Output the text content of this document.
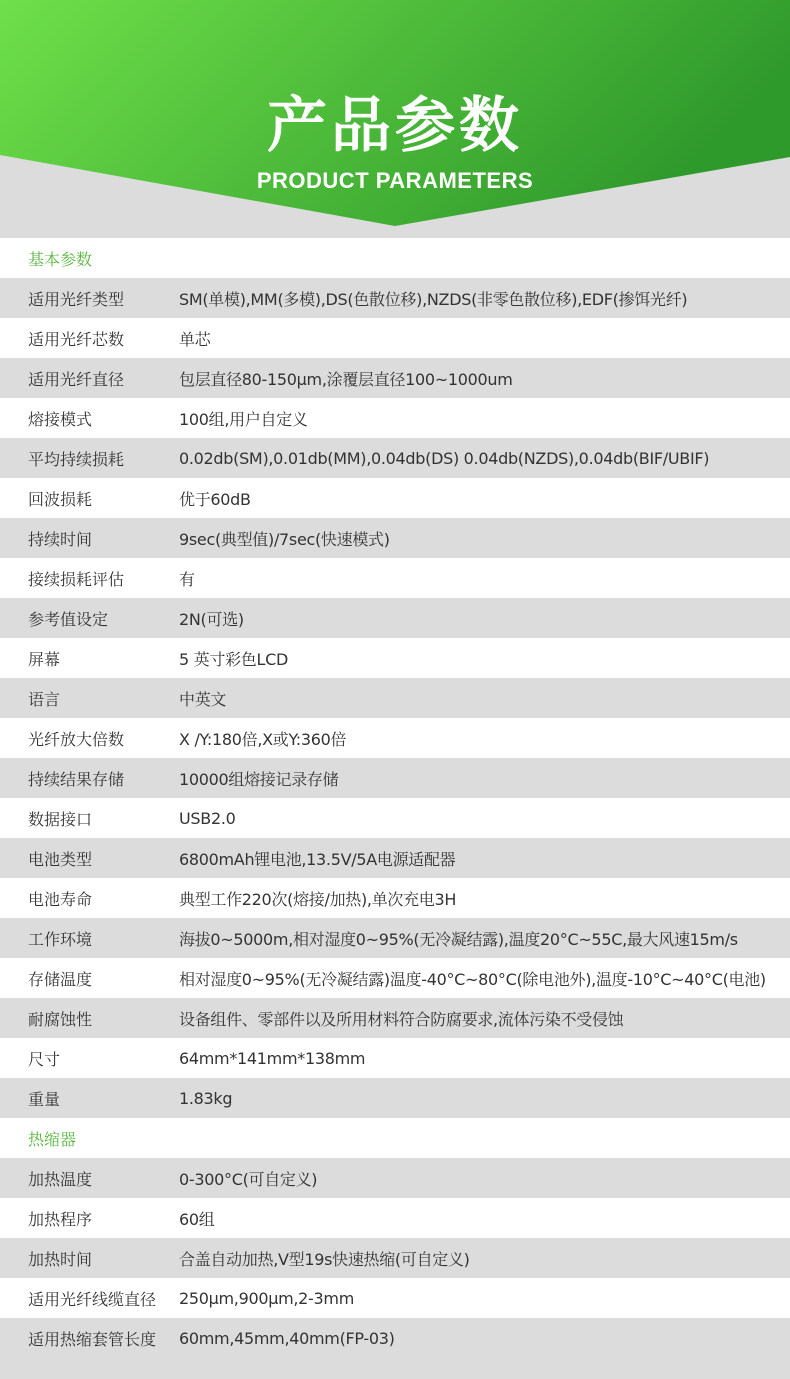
产品参数
PRODUCT PARAMETERS
基本参数
适用光纤类型	SM(单模),MM(多模),DS(色散位移),NZDS(非零色散位移),EDF(掺饵光纤)
适用光纤芯数	单芯
适用光纤直径	包层直径80-150μm,涂覆层直径100~1000um
熔接模式	100组,用户自定义
平均持续损耗	0.02db(SM),0.01db(MM),0.04db(DS) 0.04db(NZDS),0.04db(BIF/UBIF)
回波损耗	优于60dB
持续时间	9sec(典型值)/7sec(快速模式)
接续损耗评估	有
参考值设定	2N(可选)
屏幕	5 英寸彩色LCD
语言	中英文
光纤放大倍数	X /Y:180倍,X或Y:360倍
持续结果存储	10000组熔接记录存储
数据接口	USB2.0
电池类型	6800mAh锂电池,13.5V/5A电源适配器
电池寿命	典型工作220次(熔接/加热),单次充电3H
工作环境	海拔0~5000m,相对湿度0~95%(无冷凝结露),温度20°C~55C,最大风速15m/s
存储温度	相对湿度0~95%(无冷凝结露)温度-40°C~80°C(除电池外),温度-10°C~40°C(电池)
耐腐蚀性	设备组件、零部件以及所用材料符合防腐要求,流体污染不受侵蚀
尺寸	64mm*141mm*138mm
重量	1.83kg
热缩器
加热温度	0-300°C(可自定义)
加热程序	60组
加热时间	合盖自动加热,V型19s快速热缩(可自定义)
适用光纤线缆直径	250μm,900μm,2-3mm
适用热缩套管长度	60mm,45mm,40mm(FP-03)
